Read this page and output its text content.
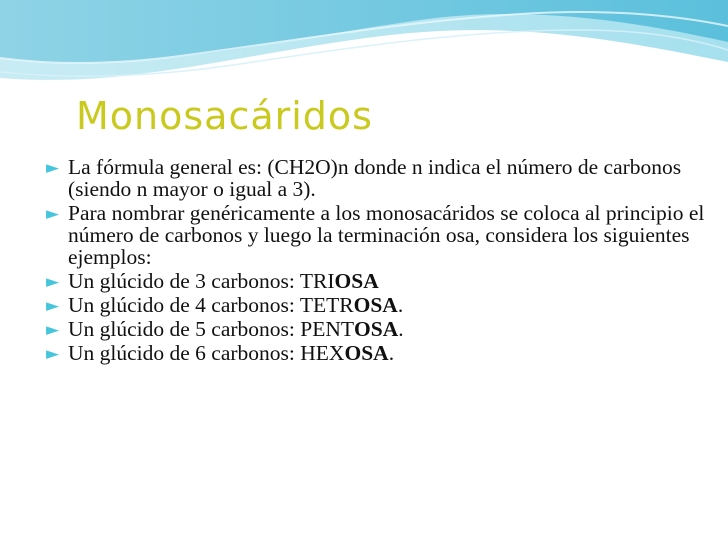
Monosacáridos
► La fórmula general es: (CH2O)n donde n indica el número de carbonos (siendo n mayor o igual a 3).
► Para nombrar genéricamente a los monosacáridos se coloca al principio el número de carbonos y luego la terminación osa, considera los siguientes ejemplos:
► Un glúcido de 3 carbonos: TRIOSA
► Un glúcido de 4 carbonos: TETROSA.
► Un glúcido de 5 carbonos: PENTOSA.
► Un glúcido de 6 carbonos: HEXOSA.
